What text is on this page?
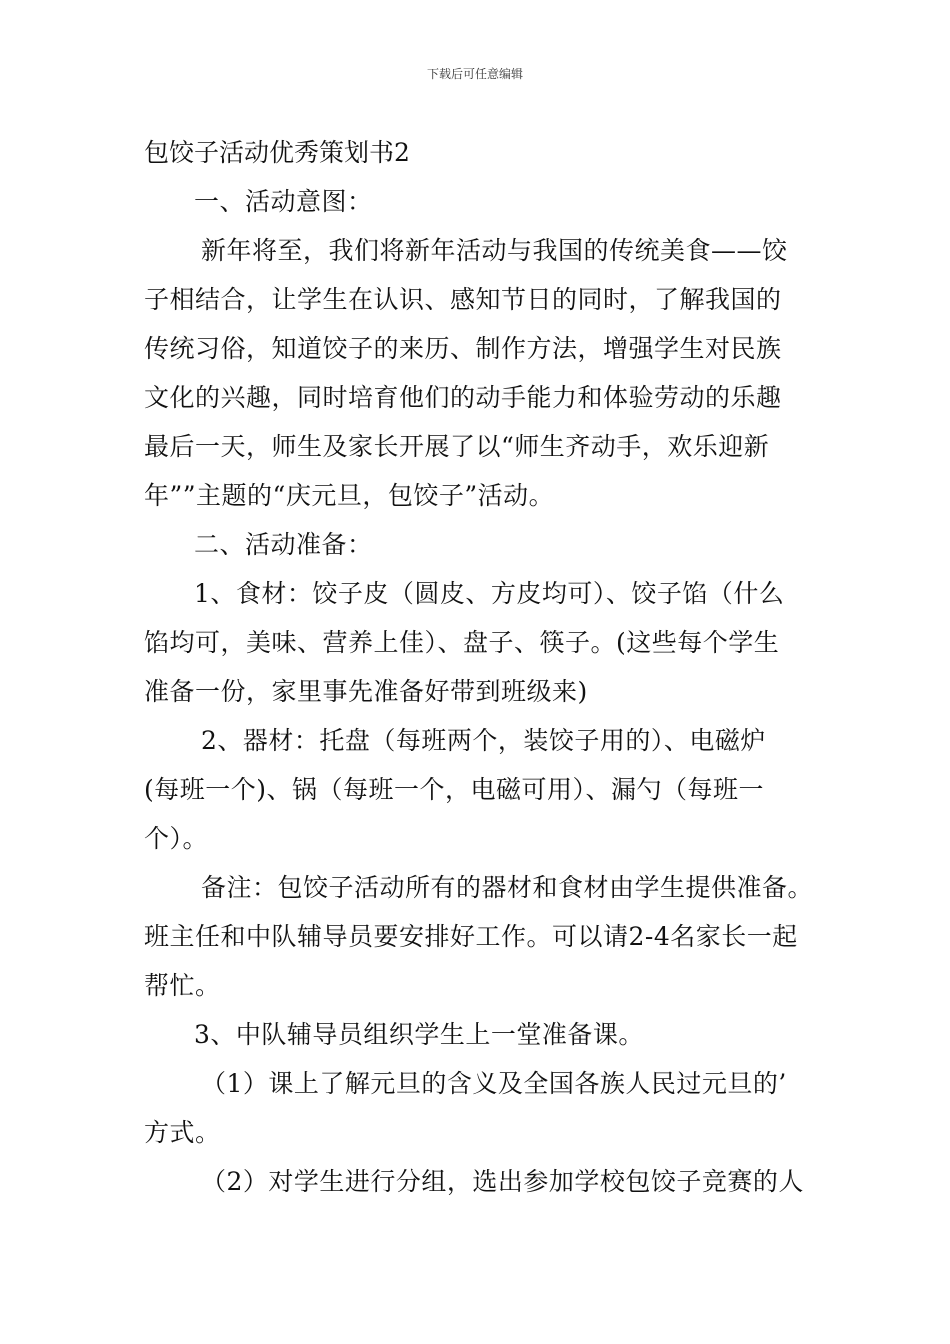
下载后可任意编辑
包饺子活动优秀策划书2
一、活动意图：
新年将至，我们将新年活动与我国的传统美食——饺
子相结合，让学生在认识、感知节日的同时，了解我国的
传统习俗，知道饺子的来历、制作方法，增强学生对民族
文化的兴趣，同时培育他们的动手能力和体验劳动的乐趣
最后一天，师生及家长开展了以“师生齐动手，欢乐迎新
年””主题的“庆元旦，包饺子”活动。
二、活动准备：
1、食材：饺子皮（圆皮、方皮均可）、饺子馅（什么
馅均可，美味、营养上佳）、盘子、筷子。(这些每个学生
准备一份，家里事先准备好带到班级来)
2、器材：托盘（每班两个，装饺子用的）、电磁炉
(每班一个)、锅（每班一个，电磁可用）、漏勺（每班一
个）。
备注：包饺子活动所有的器材和食材由学生提供准备。
班主任和中队辅导员要安排好工作。可以请2-4名家长一起
帮忙。
3、中队辅导员组织学生上一堂准备课。
（1）课上了解元旦的含义及全国各族人民过元旦的’
方式。
（2）对学生进行分组，选出参加学校包饺子竞赛的人
